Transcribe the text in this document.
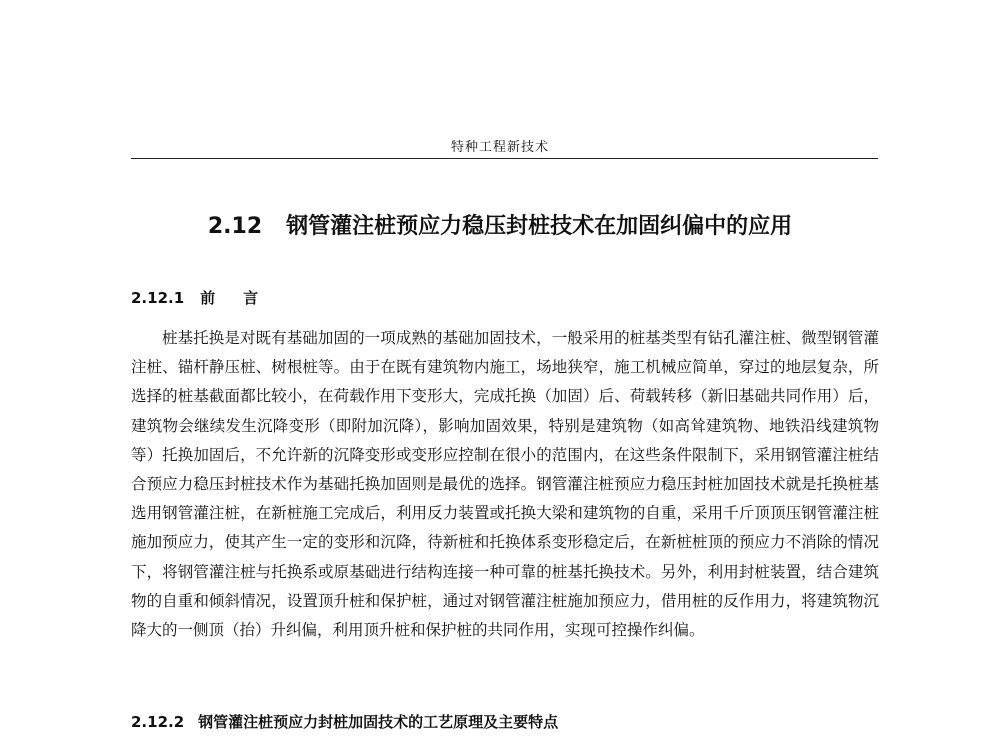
特种工程新技术
2.12 钢管灌注桩预应力稳压封桩技术在加固纠偏中的应用
2.12.1 前言

桩基托换是对既有基础加固的一项成熟的基础加固技术，一般采用的桩基类型有钻孔灌注桩、微型钢管灌注桩、锚杆静压桩、树根桩等。由于在既有建筑物内施工，场地狭窄，施工机械应简单，穿过的地层复杂，所选择的桩基截面都比较小，在荷载作用下变形大，完成托换（加固）后、荷载转移（新旧基础共同作用）后，建筑物会继续发生沉降变形（即附加沉降），影响加固效果，特别是建筑物（如高耸建筑物、地铁沿线建筑物等）托换加固后，不允许新的沉降变形或变形应控制在很小的范围内，在这些条件限制下，采用钢管灌注桩结合预应力稳压封桩技术作为基础托换加固则是最优的选择。钢管灌注桩预应力稳压封桩加固技术就是托换桩基选用钢管灌注桩，在新桩施工完成后，利用反力装置或托换大梁和建筑物的自重，采用千斤顶顶压钢管灌注桩施加预应力，使其产生一定的变形和沉降，待新桩和托换体系变形稳定后，在新桩桩顶的预应力不消除的情况下，将钢管灌注桩与托换系或原基础进行结构连接一种可靠的桩基托换技术。另外，利用封桩装置，结合建筑物的自重和倾斜情况，设置顶升桩和保护桩，通过对钢管灌注桩施加预应力，借用桩的反作用力，将建筑物沉降大的一侧顶（抬）升纠偏，利用顶升桩和保护桩的共同作用，实现可控操作纠偏。

2.12.2 钢管灌注桩预应力封桩加固技术的工艺原理及主要特点
